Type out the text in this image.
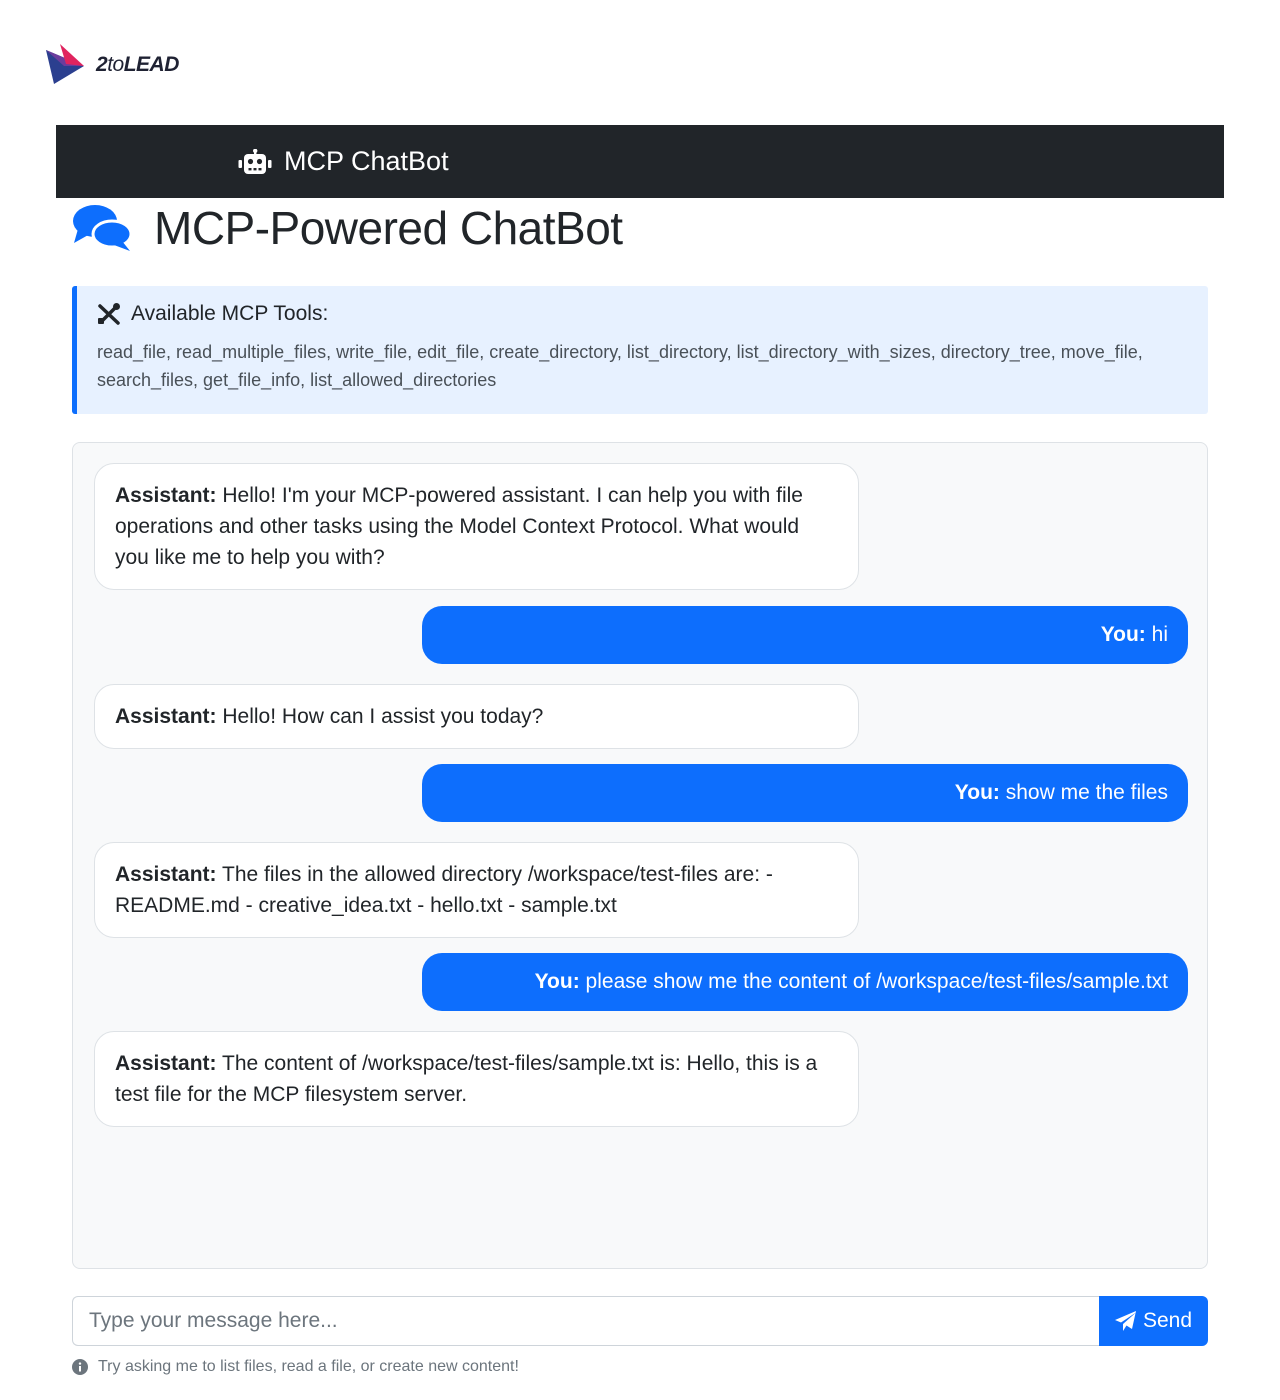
2toLEAD
MCP ChatBot
MCP-Powered ChatBot
Available MCP Tools:
read_file, read_multiple_files, write_file, edit_file, create_directory, list_directory, list_directory_with_sizes, directory_tree, move_file, search_files, get_file_info, list_allowed_directories
Assistant: Hello! I'm your MCP-powered assistant. I can help you with file operations and other tasks using the Model Context Protocol. What would you like me to help you with?
You: hi
Assistant: Hello! How can I assist you today?
You: show me the files
Assistant: The files in the allowed directory /workspace/test-files are: - README.md - creative_idea.txt - hello.txt - sample.txt
You: please show me the content of /workspace/test-files/sample.txt
Assistant: The content of /workspace/test-files/sample.txt is: Hello, this is a test file for the MCP filesystem server.
Type your message here...
Send
Try asking me to list files, read a file, or create new content!
